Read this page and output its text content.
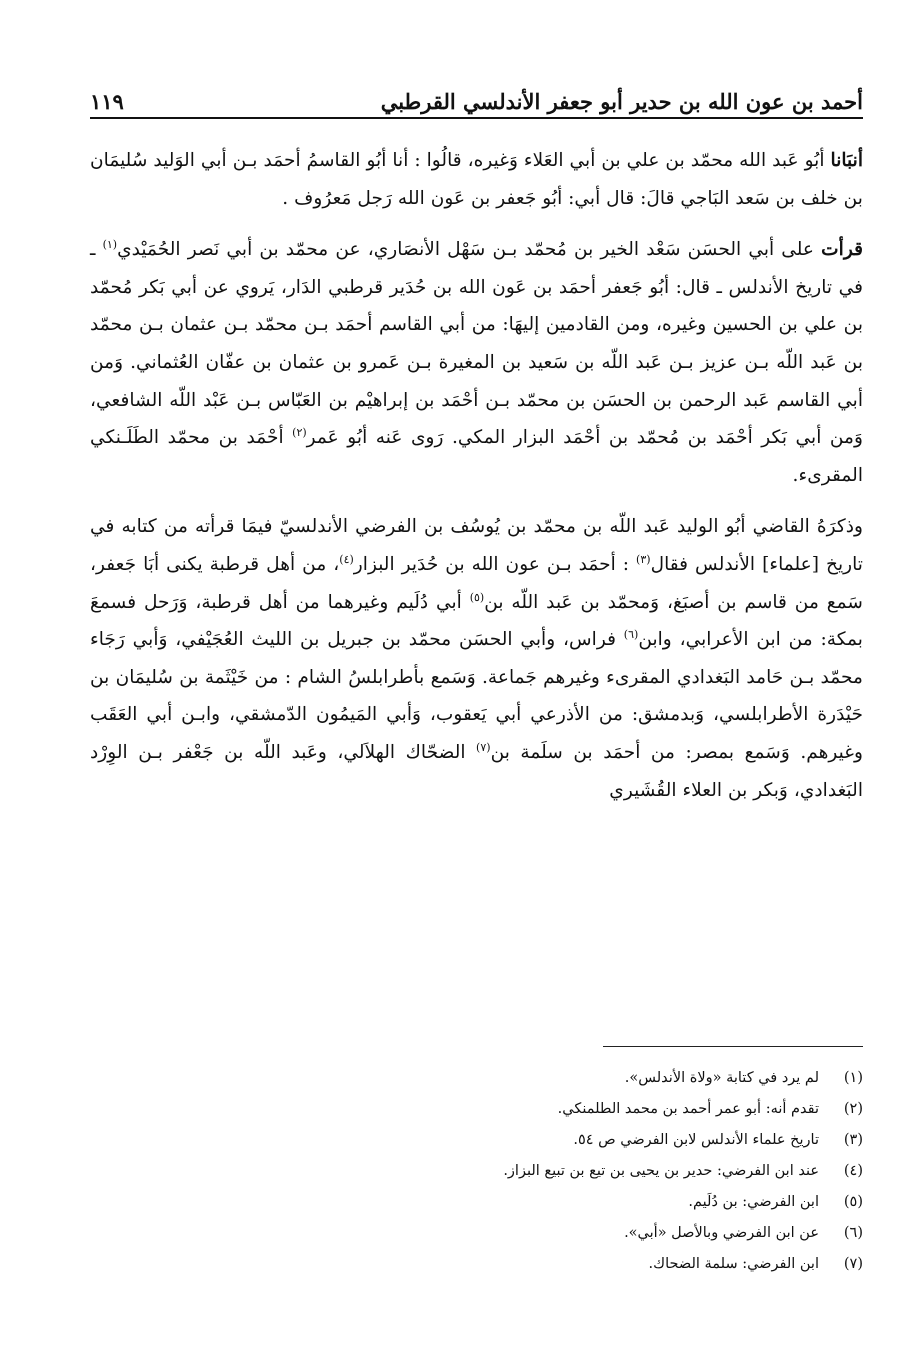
أحمد بن عون الله بن حدير أبو جعفر الأندلسي القرطبي
١١٩

أنبَانا أبُو عَبد الله محمّد بن علي بن أبي العَلاء وَغيره، قالُوا : أنا أبُو القاسمُ أحمَد بـن أبي الوَليد سُليمَان بن خلف بن سَعد البَاجي قالَ: قال أبي: أبُو جَعفر بن عَون الله رَجل مَعرُوف .

قرأت على أبي الحسَن سَعْد الخير بن مُحمّد بـن سَهْل الأنصَاري، عن محمّد بن أبي نَصر الحُمَيْدي$^{(١)}$ ـ في تاريخ الأندلس ـ قال: أبُو جَعفر أحمَد بن عَون الله بن حُدَير قرطبي الدَار، يَروي عن أبي بَكر مُحمّد بن علي بن الحسين وغيره، ومن القادمين إليهَا: من أبي القاسم أحمَد بـن محمّد بـن عثمان بـن محمّد بن عَبد اللّه بـن عزيز بـن عَبد اللّه بن سَعيد بن المغيرة بـن عَمرو بن عثمان بن عفّان العُثماني. وَمن أبي القاسم عَبد الرحمن بن الحسَن بن محمّد بـن أحْمَد بن إبراهيْم بن العَبّاس بـن عَبْد اللّه الشافعي، وَمن أبي بَكر أحْمَد بن مُحمّد بن أحْمَد البزار المكي. رَوى عَنه أبُو عَمر$^{(٢)}$ أحْمَد بن محمّد الطَلَـنكي المقرىء.

وذكرَهُ القاضي أبُو الوليد عَبد اللّه بن محمّد بن يُوسُف بن الفرضي الأندلسيّ فيمَا قرأته من كتابه في تاريخ [علماء] الأندلس فقال$^{(٣)}$ : أحمَد بـن عون الله بن حُدَير البزار$^{(٤)}$، من أهل قرطبة يكنى أبَا جَعفر، سَمع من قاسم بن أصبَغ، وَمحمّد بن عَبد اللّه بن$^{(٥)}$ أبي دُلَيم وغيرهما من أهل قرطبة، وَرَحل فسمعَ بمكة: من ابن الأعرابي، وابن$^{(٦)}$ فراس، وأبي الحسَن محمّد بن جبريل بن الليث العُجَيْفي، وَأبي رَجَاء محمّد بـن حَامد البَغدادي المقرىء وغيرهم جَماعة. وَسَمع بأطرابلسُ الشام : من خَيْثَمة بن سُليمَان بن حَيْدَرة الأطرابلسي، وَبدمشق: من الأذرعي أبي يَعقوب، وَأبي المَيمُون الدّمشقي، وابـن أبي العَقَب وغيرهم. وَسَمع بمصر: من أحمَد بن سلَمة بن$^{(٧)}$ الضحّاك الهلاَلي، وعَبد اللّه بن جَعْفر بـن الوِرْد البَغدادي، وَبكر بن العلاء القُشَيري

(١)
لم يرد في كتابة «ولاة الأندلس».
(٢)
تقدم أنه: أبو عمر أحمد بن محمد الطلمنكي.
(٣)
تاريخ علماء الأندلس لابن الفرضي ص ٥٤.
(٤)
عند ابن الفرضي: حدير بن يحيى بن تيع بن تبيع البزاز.
(٥)
ابن الفرضي: بن دُلَيم.
(٦)
عن ابن الفرضي وبالأصل «أبي».
(٧)
ابن الفرضي: سلمة الضحاك.
